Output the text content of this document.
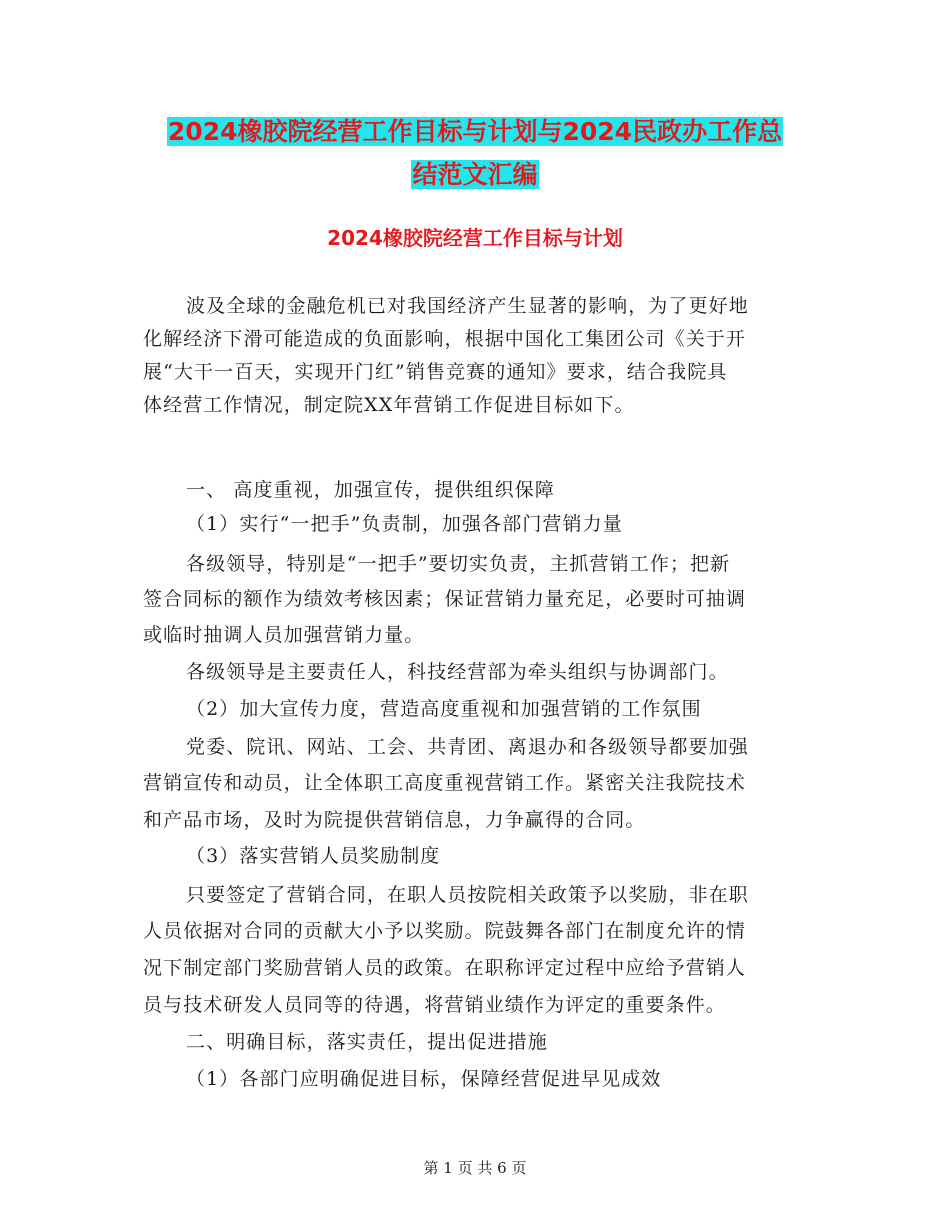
2024橡胶院经营工作目标与计划与2024民政办工作总
结范文汇编
2024橡胶院经营工作目标与计划
波及全球的金融危机已对我国经济产生显著的影响，为了更好地
化解经济下滑可能造成的负面影响，根据中国化工集团公司《关于开
展“大干一百天，实现开门红”销售竞赛的通知》要求，结合我院具
体经营工作情况，制定院XX年营销工作促进目标如下。
一、 高度重视，加强宣传，提供组织保障
（1）实行“一把手”负责制，加强各部门营销力量
各级领导，特别是“一把手”要切实负责，主抓营销工作；把新
签合同标的额作为绩效考核因素；保证营销力量充足，必要时可抽调
或临时抽调人员加强营销力量。
各级领导是主要责任人，科技经营部为牵头组织与协调部门。
（2）加大宣传力度，营造高度重视和加强营销的工作氛围
党委、院讯、网站、工会、共青团、离退办和各级领导都要加强
营销宣传和动员，让全体职工高度重视营销工作。紧密关注我院技术
和产品市场，及时为院提供营销信息，力争赢得的合同。
（3）落实营销人员奖励制度
只要签定了营销合同，在职人员按院相关政策予以奖励，非在职
人员依据对合同的贡献大小予以奖励。院鼓舞各部门在制度允许的情
况下制定部门奖励营销人员的政策。在职称评定过程中应给予营销人
员与技术研发人员同等的待遇，将营销业绩作为评定的重要条件。
二、明确目标，落实责任，提出促进措施
（1）各部门应明确促进目标，保障经营促进早见成效
第 1 页 共 6 页
